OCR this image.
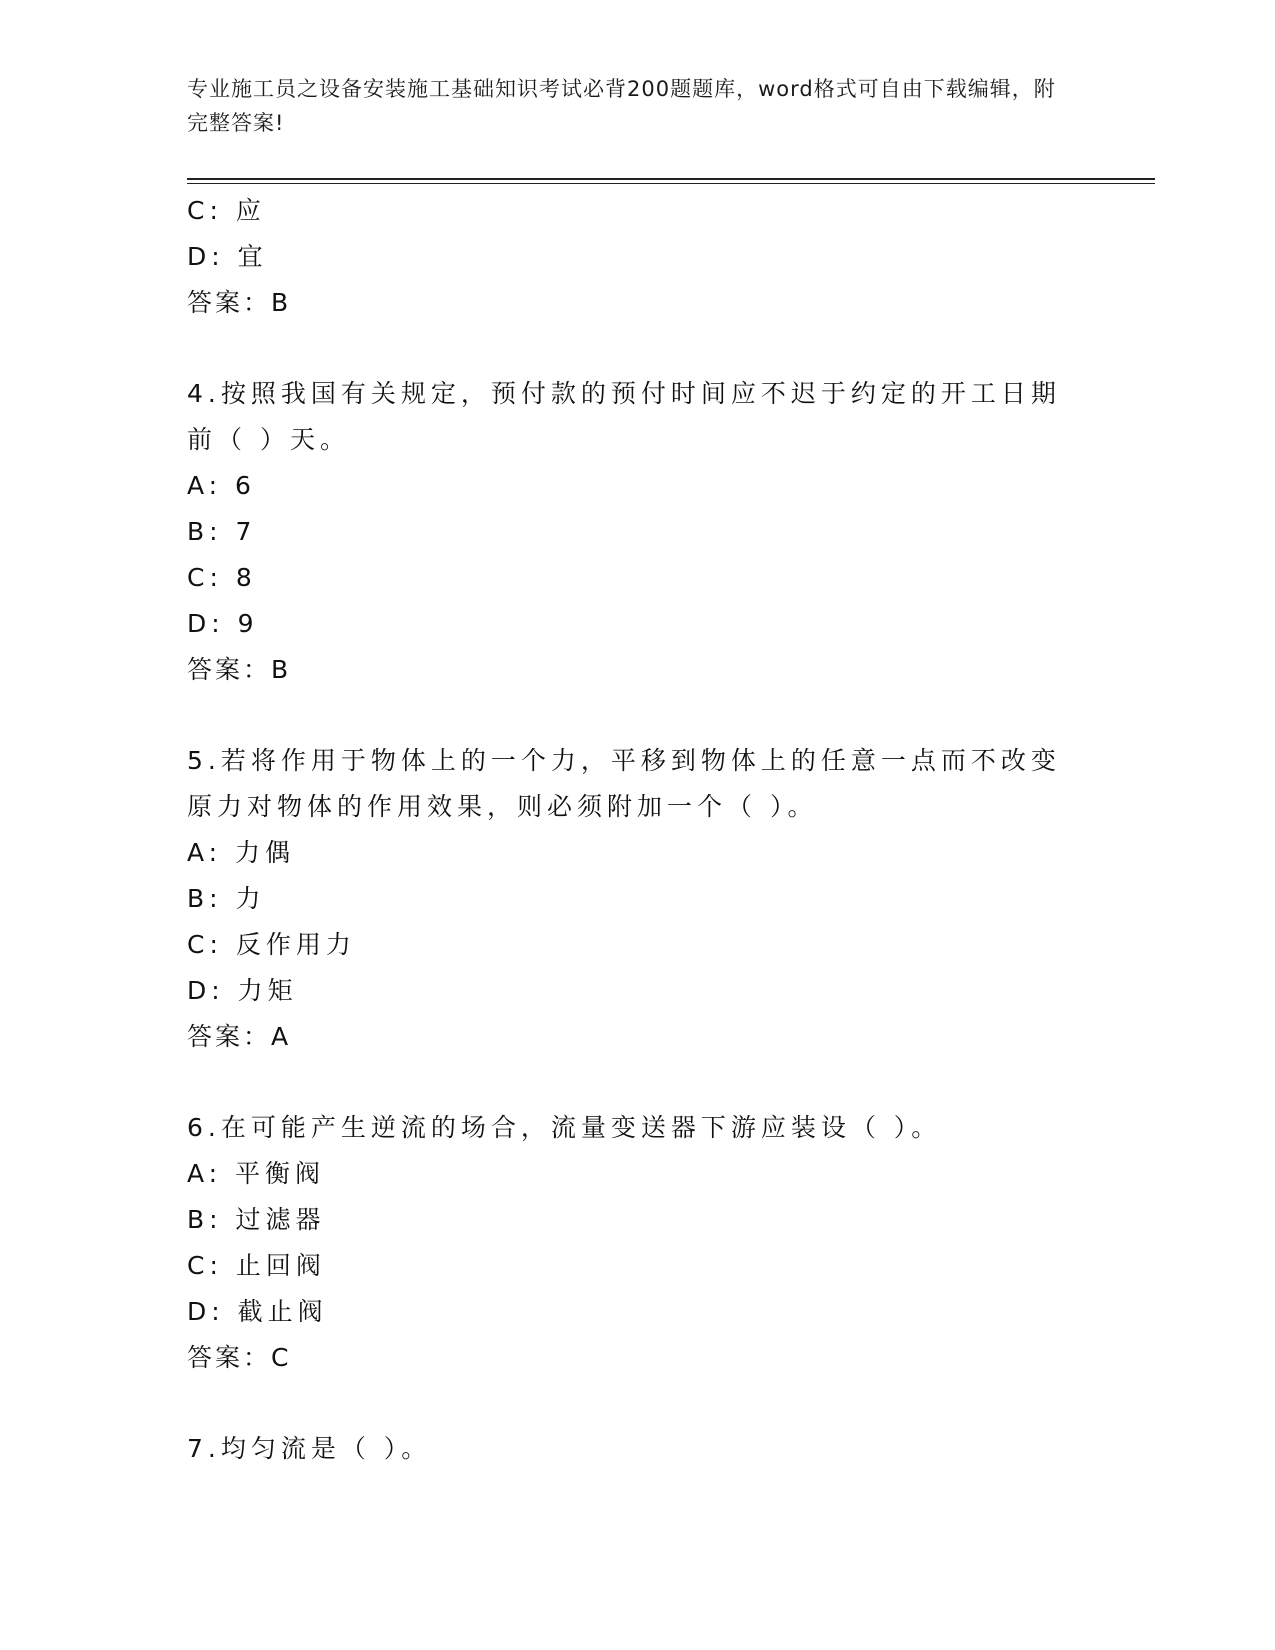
专业施工员之设备安装施工基础知识考试必背200题题库，word格式可自由下载编辑，附完整答案!

C: 应

D: 宜

答案：B

4.按照我国有关规定，预付款的预付时间应不迟于约定的开工日期前（ ）天。

A: 6

B: 7

C: 8

D: 9

答案：B

5.若将作用于物体上的一个力，平移到物体上的任意一点而不改变原力对物体的作用效果，则必须附加一个（ ）。

A: 力偶

B: 力

C: 反作用力

D: 力矩

答案：A

6.在可能产生逆流的场合，流量变送器下游应装设（ ）。

A: 平衡阀

B: 过滤器

C: 止回阀

D: 截止阀

答案：C

7.均匀流是（ ）。
